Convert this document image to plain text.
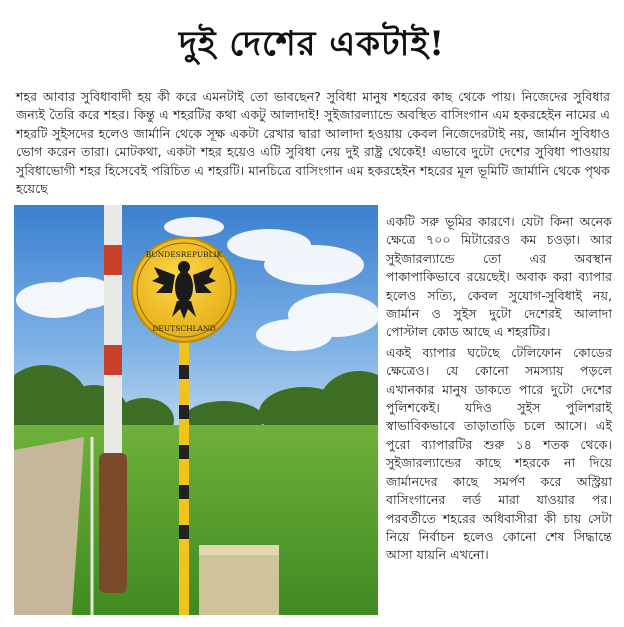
দুই দেশের একটাই!
শহর আবার সুবিধাবাদী হয় কী করে এমনটাই তো ভাবছেন? সুবিধা মানুষ শহরের কাছ থেকে পায়। নিজেদের সুবিধার জন্যই তৈরি করে শহর। কিন্তু এ শহরটির কথা একটু আলাদাই! সুইজারল্যান্ডে অবস্থিত বাসিংগান এম হকরহেইন নামের এ শহরটি সুইসদের হলেও জার্মানি থেকে সূক্ষ একটা রেখার দ্বারা আলাদা হওয়ায় কেবল নিজেদেরটাই নয়, জার্মান সুবিধাও ভোগ করেন তারা। মোটকথা, একটা শহর হয়েও এটি সুবিধা নেয় দুই রাষ্ট্র থেকেই! এভাবে দুটো দেশের সুবিধা পাওয়ায় সুবিধাভোগী শহর হিসেবেই পরিচিত এ শহরটি। মানচিত্রে বাসিংগান এম হকরহেইন শহরের মূল ভূমিটি জার্মানি থেকে পৃথক হয়েছে
BUNDESREPUBLIK
DEUTSCHLAND

একটি সরু ভূমির কারণে। যেটা কিনা অনেক ক্ষেত্রে ৭০০ মিটারেরও কম চওড়া। আর সুইজারল্যান্ডে তো এর অবস্থান পাকাপাকিভাবে রয়েছেই। অবাক করা ব্যাপার হলেও সত্যি, কেবল সুযোগ-সুবিধাই নয়, জার্মান ও সুইস দুটো দেশেরই আলাদা পোস্টাল কোড আছে এ শহরটির।

একই ব্যাপার ঘটেছে টেলিফোন কোডের ক্ষেত্রেও। যে কোনো সমস্যায় পড়লে এখানকার মানুষ ডাকতে পারে দুটো দেশের পুলিশকেই। যদিও সুইস পুলিশরাই স্বাভাবিকভাবে তাড়াতাড়ি চলে আসে। এই পুরো ব্যাপারটির শুরু ১৪ শতক থেকে। সুইজারল্যান্ডের কাছে শহরকে না দিয়ে জার্মানদের কাছে সমর্পণ করে অস্ট্রিয়া বাসিংগানের লর্ড মারা যাওয়ার পর। পরবর্তীতে শহরের অধিবাসীরা কী চায় সেটা নিয়ে নির্বাচন হলেও কোনো শেষ সিদ্ধান্তে আসা যায়নি এখনো।
